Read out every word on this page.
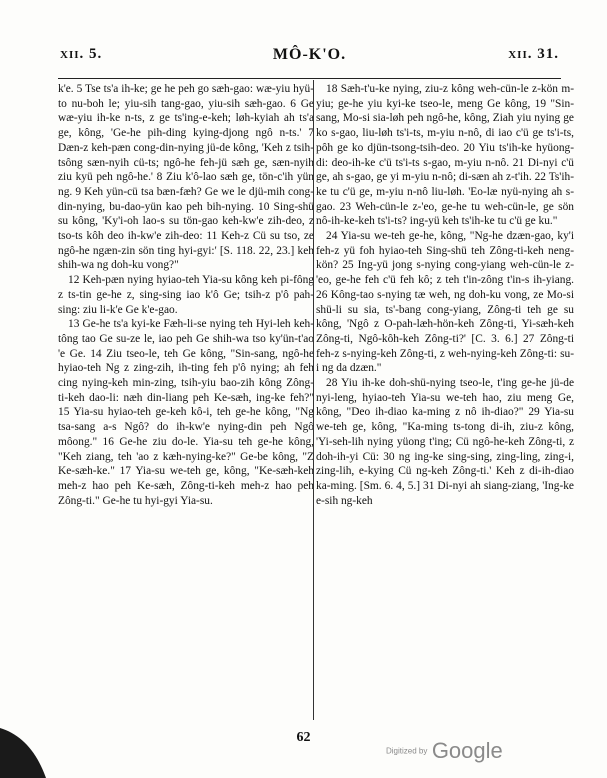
xii. 5.	MÔ-K'O.	xii. 31.

k'e. 5 Tse ts'a ih-ke; ge he peh go sæh-gao: wæ-yiu hyü-to nu-boh le; yiu-sih tang-gao, yiu-sih sæh-gao. 6 Ge wæ-yiu ih-ke n-ts, z ge ts'ing-e-keh; løh-kyiah ah ts'a ge, kông, 'Ge-he pih-ding kying-djong ngô n-ts.' 7 Dæn-z keh-pæn cong-din-nying jü-de kông, 'Keh z tsih-tsông sæn-nyih cü-ts; ngô-he feh-jü sæh ge, sæn-nyih ziu kyü peh ngô-he.' 8 Ziu k'ô-lao sæh ge, tön-c'ih yün ng. 9 Keh yün-cü tsa bæn-fæh? Ge we le djü-mih cong-din-nying, bu-dao-yün kao peh bih-nying. 10 Sing-shü su kông, 'Ky'i-oh lao-s su tön-gao keh-kw'e zih-deo, z tso-ts kôh deo ih-kw'e zih-deo: 11 Keh-z Cü su tso, ze ngô-he ngæn-zin sön ting hyi-gyi:' [S. 118. 22, 23.] keh shih-wa ng doh-ku vong?"

12 Keh-pæn nying hyiao-teh Yia-su kông keh pi-fông z ts-tin ge-he z, sing-sing iao k'ô Ge; tsih-z p'ô pah-sing: ziu li-k'e Ge k'e-gao.

13 Ge-he ts'a kyi-ke Fæh-li-se nying teh Hyi-leh keh-tông tao Ge su-ze le, iao peh Ge shih-wa tso ky'ün-t'ao 'e Ge. 14 Ziu tseo-le, teh Ge kông, "Sin-sang, ngô-he hyiao-teh Ng z zing-zih, ih-ting feh p'ô nying; ah feh cing nying-keh min-zing, tsih-yiu bao-zih kông Zông-ti-keh dao-li: næh din-liang peh Ke-sæh, ing-ke feh?" 15 Yia-su hyiao-teh ge-keh kô-i, teh ge-he kông, "Ng tsa-sang a-s Ngô? do ih-kw'e nying-din peh Ngô môong." 16 Ge-he ziu do-le. Yia-su teh ge-he kông, "Keh ziang, teh 'ao z kæh-nying-ke?" Ge-be kông, "Z Ke-sæh-ke." 17 Yia-su we-teh ge, kông, "Ke-sæh-keh meh-z hao peh Ke-sæh, Zông-ti-keh meh-z hao peh Zông-ti." Ge-he tu hyi-gyi Yia-su.

18 Sæh-t'u-ke nying, ziu-z kông weh-cün-le z-kön m-yiu; ge-he yiu kyi-ke tseo-le, meng Ge kông, 19 "Sin-sang, Mo-si sia-løh peh ngô-he, kông, Ziah yiu nying ge ko s-gao, liu-løh ts'i-ts, m-yiu n-nô, di iao c'ü ge ts'i-ts, pôh ge ko djün-tsong-tsih-deo. 20 Yiu ts'ih-ke hyüong-di: deo-ih-ke c'ü ts'i-ts s-gao, m-yiu n-nô. 21 Di-nyi c'ü ge, ah s-gao, ge yi m-yiu n-nô; di-sæn ah z-t'ih. 22 Ts'ih-ke tu c'ü ge, m-yiu n-nô liu-løh. 'Eo-læ nyü-nying ah s-gao. 23 Weh-cün-le z-'eo, ge-he tu weh-cün-le, ge sön nô-ih-ke-keh ts'i-ts? ing-yü keh ts'ih-ke tu c'ü ge ku."

24 Yia-su we-teh ge-he, kông, "Ng-he dzæn-gao, ky'i feh-z yü foh hyiao-teh Sing-shü teh Zông-ti-keh neng-kön? 25 Ing-yü jong s-nying cong-yiang weh-cün-le z-'eo, ge-he feh c'ü feh kô; z teh t'in-zông t'in-s ih-yiang. 26 Kông-tao s-nying tæ weh, ng doh-ku vong, ze Mo-si shü-li su sia, ts'-bang cong-yiang, Zông-ti teh ge su kông, 'Ngô z O-pah-læh-hön-keh Zông-ti, Yi-sæh-keh Zông-ti, Ngô-kôh-keh Zông-ti?' [C. 3. 6.] 27 Zông-ti feh-z s-nying-keh Zông-ti, z weh-nying-keh Zông-ti: su-i ng da dzæn."

28 Yiu ih-ke doh-shü-nying tseo-le, t'ing ge-he jü-de nyi-leng, hyiao-teh Yia-su we-teh hao, ziu meng Ge, kông, "Deo ih-diao ka-ming z nô ih-diao?" 29 Yia-su we-teh ge, kông, "Ka-ming ts-tong di-ih, ziu-z kông, 'Yi-seh-lih nying yüong t'ing; Cü ngô-he-keh Zông-ti, z doh-ih-yi Cü: 30 ng ing-ke sing-sing, zing-ling, zing-i, zing-lih, e-kying Cü ng-keh Zông-ti.' Keh z di-ih-diao ka-ming. [Sm. 6. 4, 5.] 31 Di-nyi ah siang-ziang, 'Ing-ke e-sih ng-keh

62
Digitized by Google
